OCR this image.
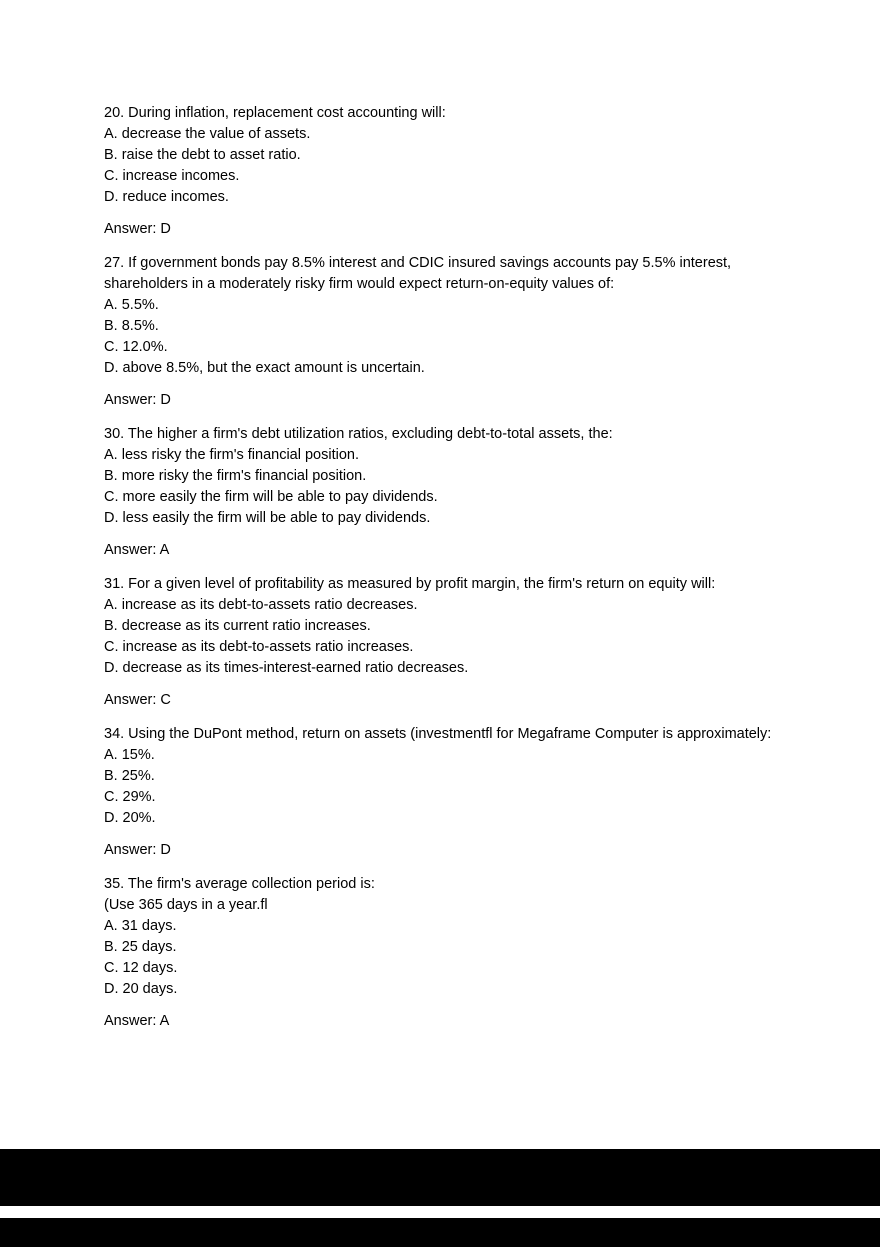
20. During inflation, replacement cost accounting will:
A. decrease the value of assets.
B. raise the debt to asset ratio.
C. increase incomes.
D. reduce incomes.
Answer: D
27. If government bonds pay 8.5% interest and CDIC insured savings accounts pay 5.5% interest,
shareholders in a moderately risky firm would expect return-on-equity values of:
A. 5.5%.
B. 8.5%.
C. 12.0%.
D. above 8.5%, but the exact amount is uncertain.
Answer: D
30. The higher a firm's debt utilization ratios, excluding debt-to-total assets, the:
A. less risky the firm's financial position.
B. more risky the firm's financial position.
C. more easily the firm will be able to pay dividends.
D. less easily the firm will be able to pay dividends.
Answer: A
31. For a given level of profitability as measured by profit margin, the firm's return on equity will:
A. increase as its debt-to-assets ratio decreases.
B. decrease as its current ratio increases.
C. increase as its debt-to-assets ratio increases.
D. decrease as its times-interest-earned ratio decreases.
Answer: C
34. Using the DuPont method, return on assets (investmentfl for Megaframe Computer is approximately:
A. 15%.
B. 25%.
C. 29%.
D. 20%.
Answer: D
35. The firm's average collection period is:
(Use 365 days in a year.fl
A. 31 days.
B. 25 days.
C. 12 days.
D. 20 days.
Answer: A
